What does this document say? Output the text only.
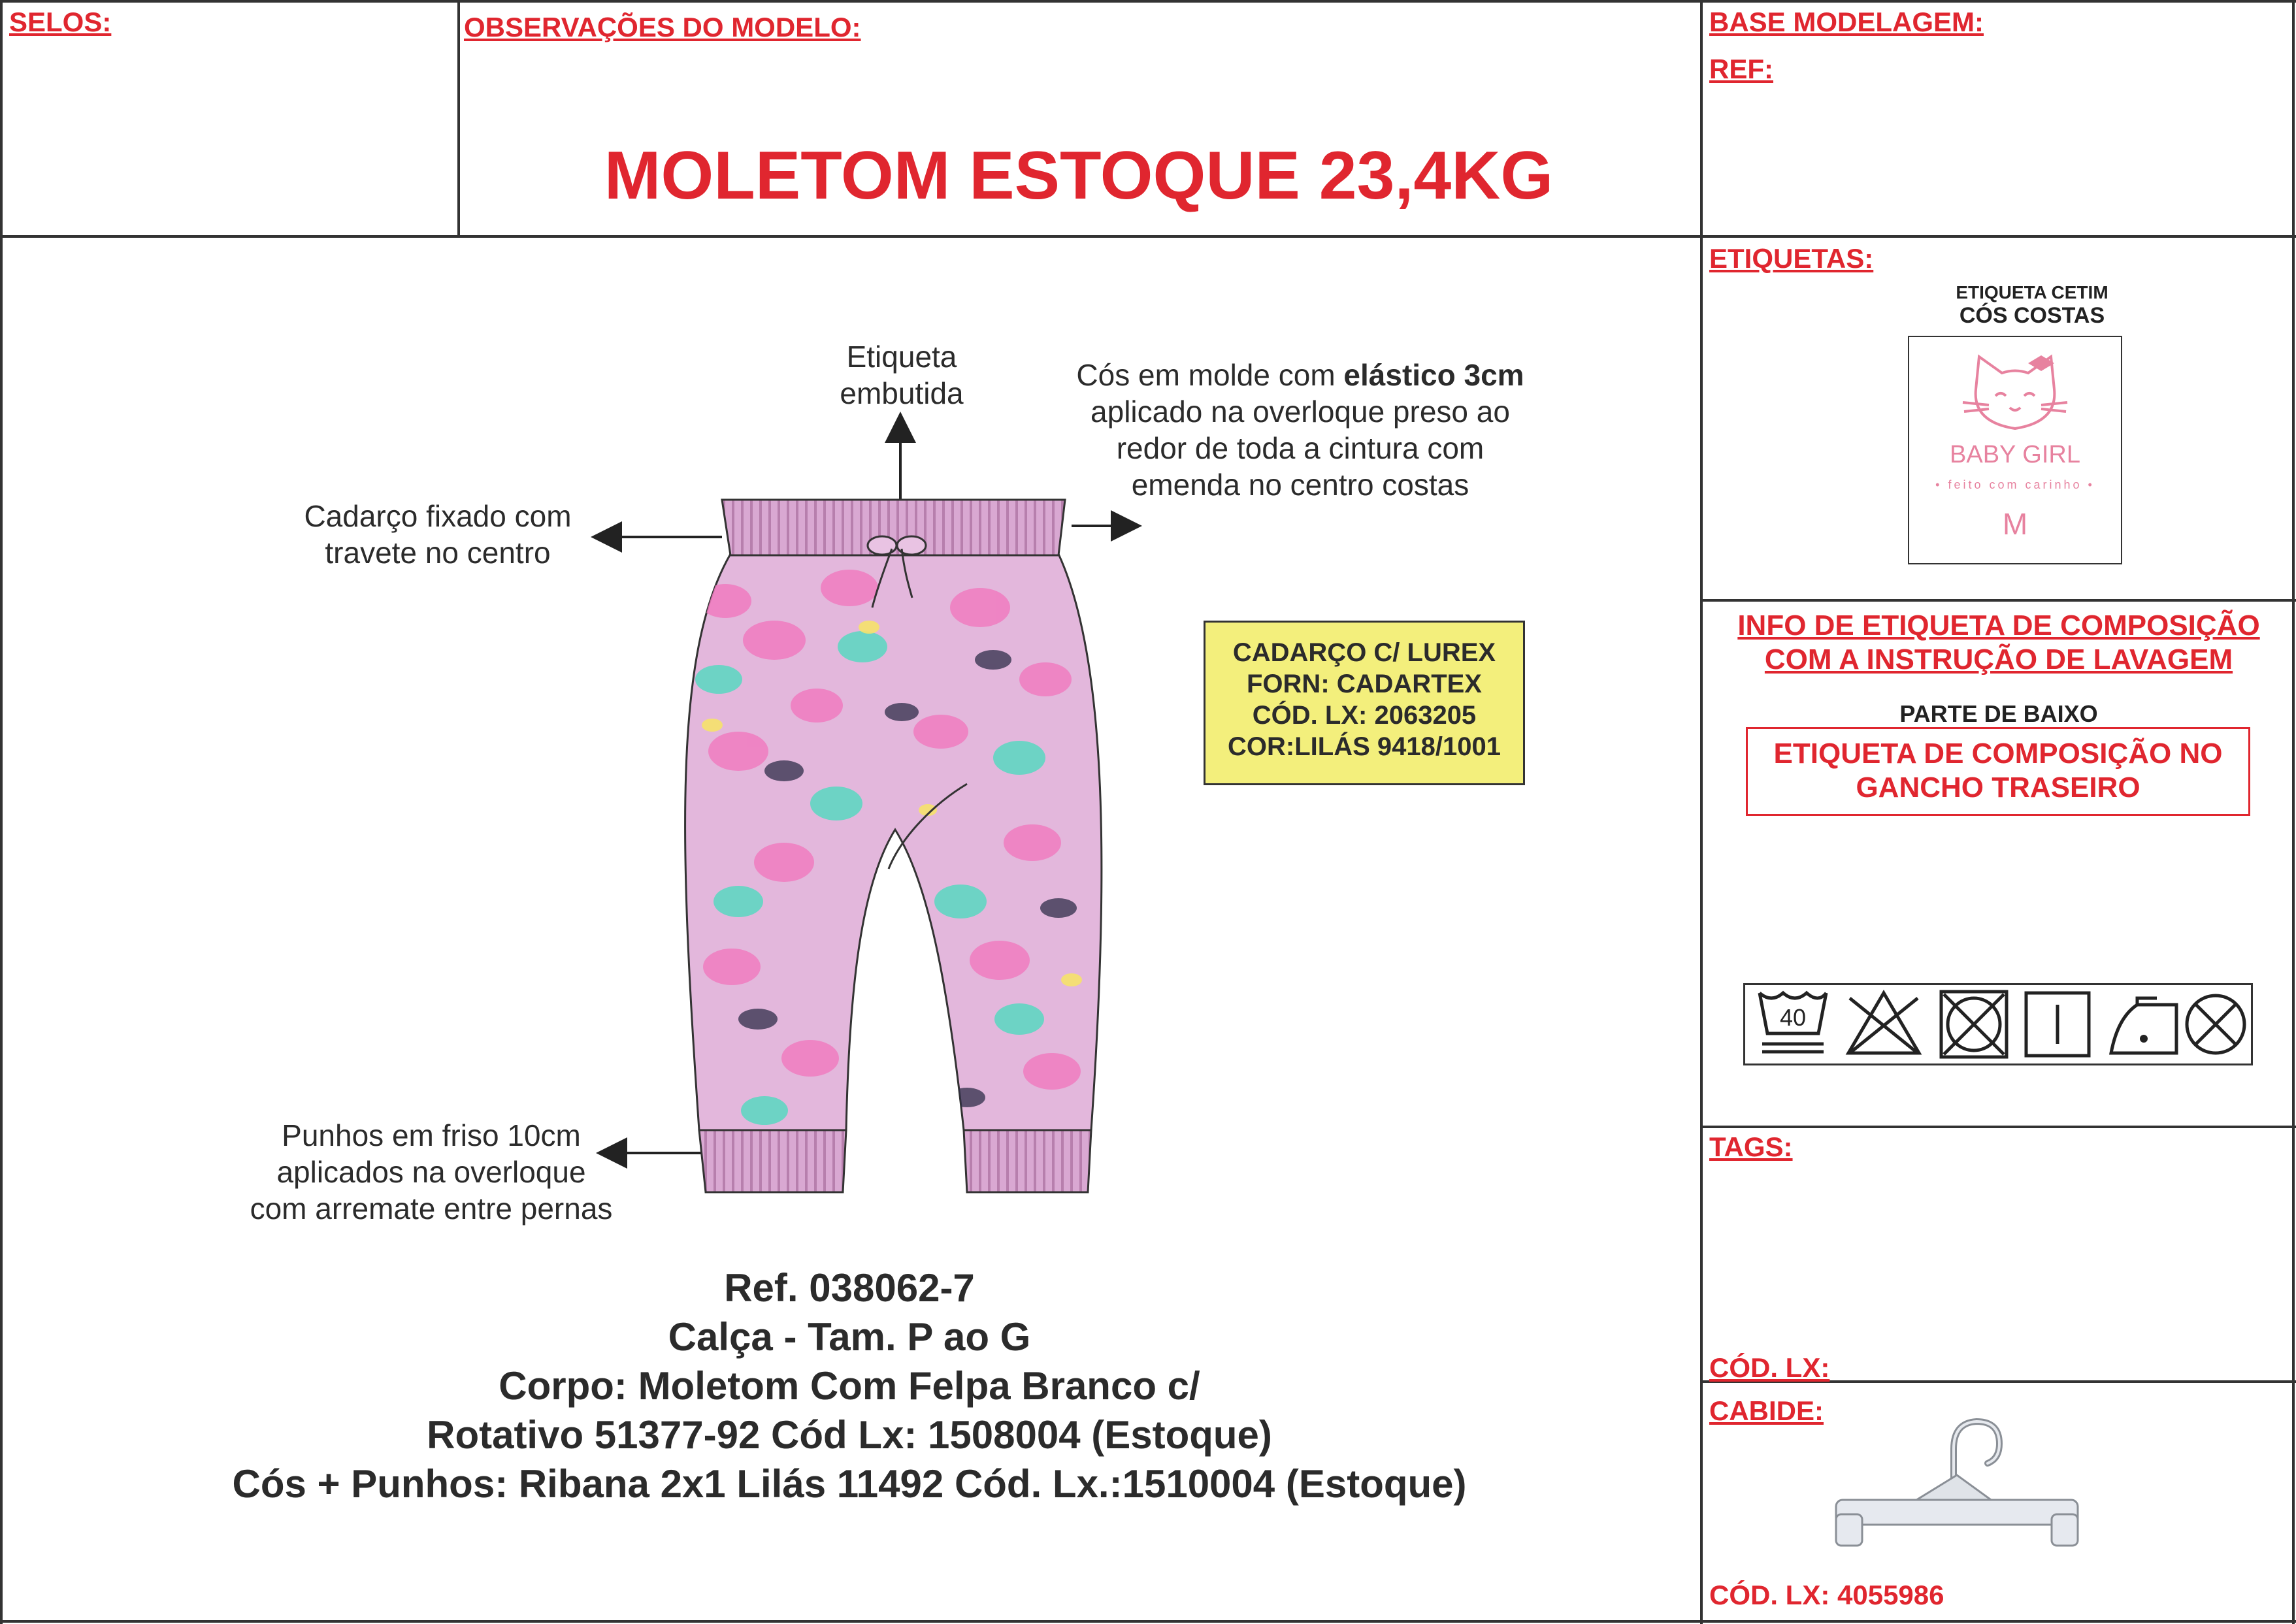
SELOS:	OBSERVAÇÕES DO MODELO:
MOLETOM ESTOQUE 23,4KG
BASE MODELAGEM:
REF:
Etiqueta
embutida
Cós em molde com elástico 3cm
aplicado na overloque preso ao
redor de toda a cintura com
emenda no centro costas
Cadarço fixado com
travete no centro
Punhos em friso 10cm
aplicados na overloque
com arremate entre pernas
CADARÇO C/ LUREX
FORN: CADARTEX
CÓD. LX: 2063205
COR:LILÁS 9418/1001
Ref. 038062-7
Calça - Tam. P ao G
Corpo: Moletom Com Felpa Branco c/
Rotativo 51377-92 Cód Lx: 1508004 (Estoque)
Cós + Punhos: Ribana 2x1 Lilás 11492 Cód. Lx.:1510004 (Estoque)
ETIQUETAS:
ETIQUETA CETIM
CÓS COSTAS
BABY GIRL
• feito com carinho •
M
INFO DE ETIQUETA DE COMPOSIÇÃO
COM A INSTRUÇÃO DE LAVAGEM
PARTE DE BAIXO
ETIQUETA DE COMPOSIÇÃO NO
GANCHO TRASEIRO
40
TAGS:
CÓD. LX:
CABIDE:
CÓD. LX: 4055986
